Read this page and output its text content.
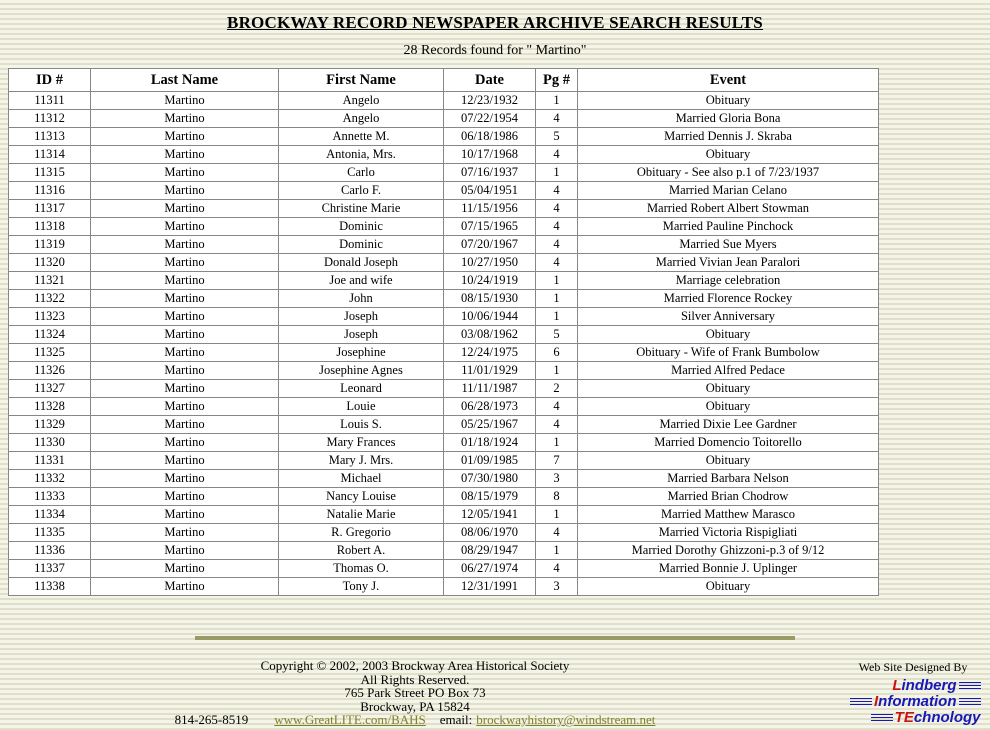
BROCKWAY RECORD NEWSPAPER ARCHIVE SEARCH RESULTS
28 Records found for " Martino"
ID #	Last Name	First Name	Date	Pg #	Event
11311	Martino	Angelo	12/23/1932	1	Obituary
11312	Martino	Angelo	07/22/1954	4	Married Gloria Bona
11313	Martino	Annette M.	06/18/1986	5	Married Dennis J. Skraba
11314	Martino	Antonia, Mrs.	10/17/1968	4	Obituary
11315	Martino	Carlo	07/16/1937	1	Obituary - See also p.1 of 7/23/1937
11316	Martino	Carlo F.	05/04/1951	4	Married Marian Celano
11317	Martino	Christine Marie	11/15/1956	4	Married Robert Albert Stowman
11318	Martino	Dominic	07/15/1965	4	Married Pauline Pinchock
11319	Martino	Dominic	07/20/1967	4	Married Sue Myers
11320	Martino	Donald Joseph	10/27/1950	4	Married Vivian Jean Paralori
11321	Martino	Joe and wife	10/24/1919	1	Marriage celebration
11322	Martino	John	08/15/1930	1	Married Florence Rockey
11323	Martino	Joseph	10/06/1944	1	Silver Anniversary
11324	Martino	Joseph	03/08/1962	5	Obituary
11325	Martino	Josephine	12/24/1975	6	Obituary - Wife of Frank Bumbolow
11326	Martino	Josephine Agnes	11/01/1929	1	Married Alfred Pedace
11327	Martino	Leonard	11/11/1987	2	Obituary
11328	Martino	Louie	06/28/1973	4	Obituary
11329	Martino	Louis S.	05/25/1967	4	Married Dixie Lee Gardner
11330	Martino	Mary Frances	01/18/1924	1	Married Domencio Toitorello
11331	Martino	Mary J. Mrs.	01/09/1985	7	Obituary
11332	Martino	Michael	07/30/1980	3	Married Barbara Nelson
11333	Martino	Nancy Louise	08/15/1979	8	Married Brian Chodrow
11334	Martino	Natalie Marie	12/05/1941	1	Married Matthew Marasco
11335	Martino	R. Gregorio	08/06/1970	4	Married Victoria Rispigliati
11336	Martino	Robert A.	08/29/1947	1	Married Dorothy Ghizzoni-p.3 of 9/12
11337	Martino	Thomas O.	06/27/1974	4	Married Bonnie J. Uplinger
11338	Martino	Tony J.	12/31/1991	3	Obituary
Copyright © 2002, 2003 Brockway Area Historical Society
All Rights Reserved.
765 Park Street PO Box 73
Brockway, PA 15824
814-265-8519 www.GreatLITE.com/BAHS email: brockwayhistory@windstream.net
Web Site Designed By
Lindberg
Information
TEchnology
